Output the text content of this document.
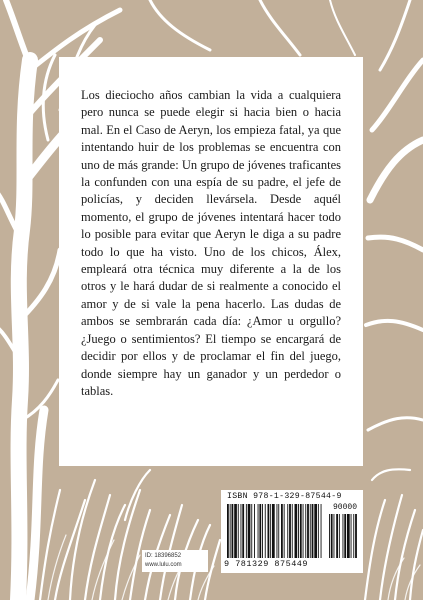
Los dieciocho años cambian la vida a cualquiera pero nunca se puede elegir si hacia bien o hacia mal. En el Caso de Aeryn, los empieza fatal, ya que intentando huir de los problemas se encuentra con uno de más grande: Un grupo de jóvenes traficantes la confunden con una espía de su padre, el jefe de policías, y deciden llevársela. Desde aquél momento, el grupo de jóvenes intentará hacer todo lo posible para evitar que Aeryn le diga a su padre todo lo que ha visto. Uno de los chicos, Álex, empleará otra técnica muy diferente a la de los otros y le hará dudar de si realmente a conocido el amor y de si vale la pena hacerlo. Las dudas de ambos se sembrarán cada día: ¿Amor u orgullo? ¿Juego o sentimientos? El tiempo se encargará de decidir por ellos y de proclamar el fin del juego, donde siempre hay un ganador y un perdedor o tablas.

ID: 18396852
www.lulu.com
ISBN 978-1-329-87544-9
90000
9 781329 875449
